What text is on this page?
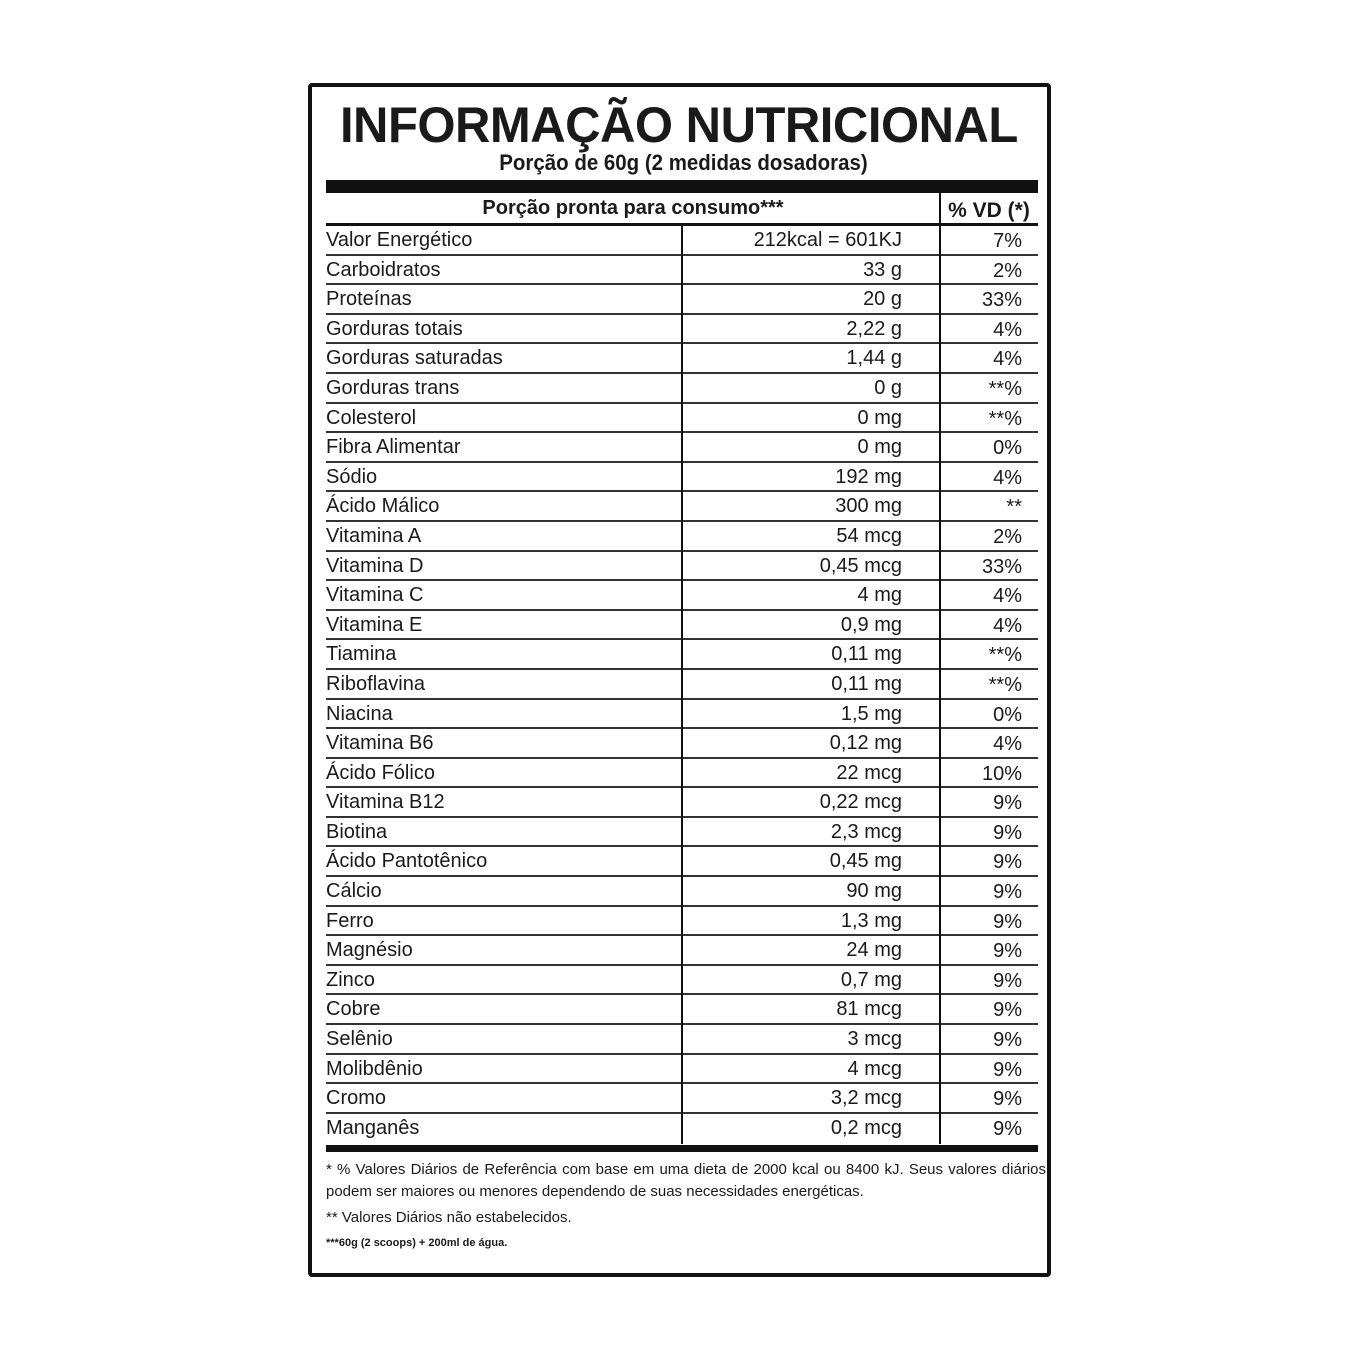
INFORMAÇÃO NUTRICIONAL
Porção de 60g (2 medidas dosadoras)
Porção pronta para consumo***	% VD (*)
Valor Energético	212kcal = 601KJ	7%
Carboidratos	33 g	2%
Proteínas	20 g	33%
Gorduras totais	2,22 g	4%
Gorduras saturadas	1,44 g	4%
Gorduras trans	0 g	**%
Colesterol	0 mg	**%
Fibra Alimentar	0 mg	0%
Sódio	192 mg	4%
Ácido Málico	300 mg	**
Vitamina A	54 mcg	2%
Vitamina D	0,45 mcg	33%
Vitamina C	4 mg	4%
Vitamina E	0,9 mg	4%
Tiamina	0,11 mg	**%
Riboflavina	0,11 mg	**%
Niacina	1,5 mg	0%
Vitamina B6	0,12 mg	4%
Ácido Fólico	22 mcg	10%
Vitamina B12	0,22 mcg	9%
Biotina	2,3 mcg	9%
Ácido Pantotênico	0,45 mg	9%
Cálcio	90 mg	9%
Ferro	1,3 mg	9%
Magnésio	24 mg	9%
Zinco	0,7 mg	9%
Cobre	81 mcg	9%
Selênio	3 mcg	9%
Molibdênio	4 mcg	9%
Cromo	3,2 mcg	9%
Manganês	0,2 mcg	9%
* % Valores Diários de Referência com base em uma dieta de 2000 kcal ou 8400 kJ. Seus valores diários podem ser maiores ou menores dependendo de suas necessidades energéticas.
** Valores Diários não estabelecidos.
***60g (2 scoops) + 200ml de água.
